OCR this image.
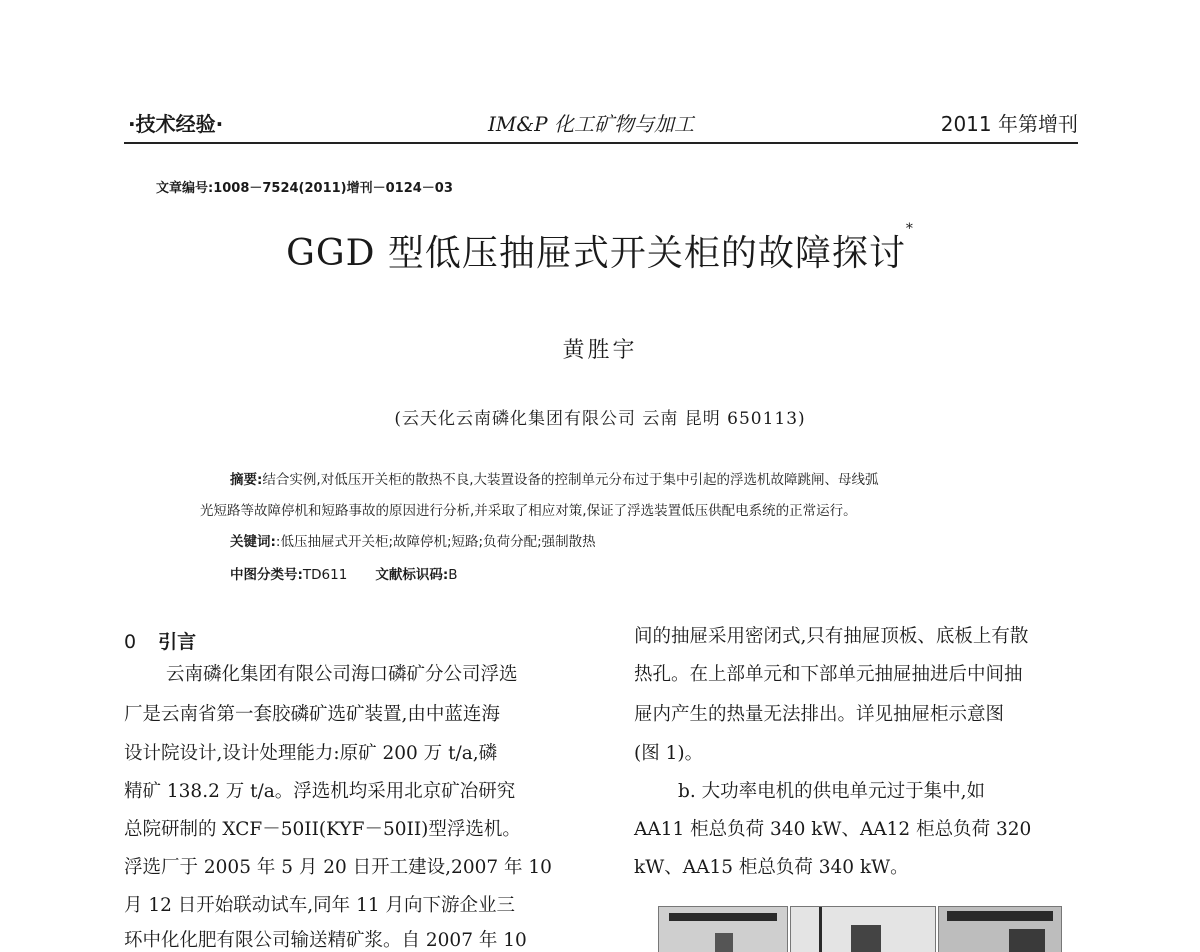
·技术经验·	IM&P 化工矿物与加工	2011 年第增刊
文章编号:1008－7524(2011)增刊－0124－03
GGD 型低压抽屉式开关柜的故障探讨*
黄胜宇
(云天化云南磷化集团有限公司 云南 昆明 650113)
摘要:结合实例,对低压开关柜的散热不良,大装置设备的控制单元分布过于集中引起的浮选机故障跳闸、母线弧
光短路等故障停机和短路事故的原因进行分析,并采取了相应对策,保证了浮选装置低压供配电系统的正常运行。
关键词::低压抽屉式开关柜;故障停机;短路;负荷分配;强制散热
中图分类号:TD611 文献标识码:B
0 引言
云南磷化集团有限公司海口磷矿分公司浮选
厂是云南省第一套胶磷矿选矿装置,由中蓝连海
设计院设计,设计处理能力:原矿 200 万 t/a,磷
精矿 138.2 万 t/a。浮选机均采用北京矿冶研究
总院研制的 XCF－50II(KYF－50II)型浮选机。
浮选厂于 2005 年 5 月 20 日开工建设,2007 年 10
月 12 日开始联动试车,同年 11 月向下游企业三
环中化化肥有限公司输送精矿浆。自 2007 年 10
间的抽屉采用密闭式,只有抽屉顶板、底板上有散
热孔。在上部单元和下部单元抽屉抽进后中间抽
屉内产生的热量无法排出。详见抽屉柜示意图
(图 1)。
b. 大功率电机的供电单元过于集中,如
AA11 柜总负荷 340 kW、AA12 柜总负荷 320
kW、AA15 柜总负荷 340 kW。
